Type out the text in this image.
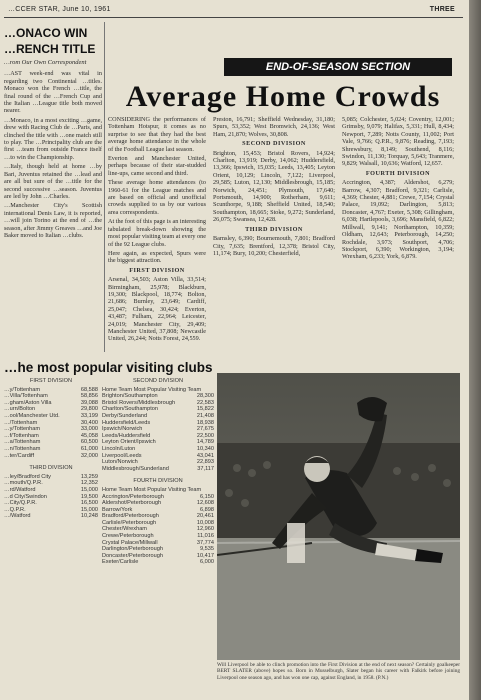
…CCER STAR, June 10, 1961	THREE
…ONACO WIN
…RENCH TITLE
…rom Our Own Correspondent

…AST week-end was vital in regarding two Continental …titles. Monaco won the French …title, the final round of the …French Cup and the Italian …League title both moved nearer.

…Monaco, in a most exciting …game, drew with Racing Club de …Paris, and clinched the title with …one match still to play. The …Principality club are the first …team from outside France itself …to win the Championship.

…Italy, though held at home …by Bari, Juventus retained the …lead and are all but sure of the …title for the second successive …season. Juventus are led by John …Charles.

…Manchester City's Scottish international Denis Law, it is reported, …will join Torino at the end of …the season, after Jimmy Greaves …and Joe Baker moved to Italian …clubs.

END-OF-SEASON SECTION
Average Home Crowds

CONSIDERING the performances of Tottenham Hotspur, it comes as no surprise to see that they had the best average home attendance in the whole of the Football League last season.

Everton and Manchester United, perhaps because of their star-studded line-ups, came second and third.

These average home attendances (to 1960-61 for the League matches and are based on official and unofficial crowds supplied to us by our various area correspondents.

At the foot of this page is an interesting tabulated break-down showing the most popular visiting team at every one of the 92 League clubs.

Here again, as expected, Spurs were the biggest attraction.

FIRST DIVISION

Arsenal, 34,503; Aston Villa, 33,514; Birmingham, 25,978; Blackburn, 19,300; Blackpool, 18,774; Bolton, 21,686; Burnley, 23,649; Cardiff, 25,047; Chelsea, 30,424; Everton, 43,487; Fulham, 22,964; Leicester, 24,019; Manchester City, 29,409; Manchester United, 37,808; Newcastle United, 26,244; Notts Forest, 24,559.

Preston, 16,791; Sheffield Wednesday, 31,180; Spurs, 53,352; West Bromwich, 24,136; West Ham, 21,870; Wolves, 30,808.

SECOND DIVISION

Brighton, 15,453; Bristol Rovers, 14,924; Charlton, 13,919; Derby, 14,062; Huddersfield, 13,366; Ipswich, 15,035; Leeds, 13,405; Leyton Orient, 10,129; Lincoln, 7,122; Liverpool, 29,585; Luton, 12,130; Middlesbrough, 15,185; Norwich, 24,451; Plymouth, 17,640; Portsmouth, 14,900; Rotherham, 9,611; Scunthorpe, 9,188; Sheffield United, 18,540; Southampton, 18,665; Stoke, 9,272; Sunderland, 26,075; Swansea, 12,428.

THIRD DIVISION

Barnsley, 6,390; Bournemouth, 7,801; Bradford City, 7,635; Brentford, 12,378; Bristol City, 11,174; Bury, 10,200; Chesterfield,

5,085; Colchester, 5,024; Coventry, 12,001; Grimsby, 9,079; Halifax, 5,331; Hull, 8,434; Newport, 7,289; Notts County, 11,002; Port Vale, 9,766; Q.P.R., 9,876; Reading, 7,193; Shrewsbury, 8,149; Southend, 8,116; Swindon, 11,130; Torquay, 5,643; Tranmere, 9,829; Walsall, 10,636; Watford, 12,657.

FOURTH DIVISION

Accrington, 4,387; Aldershot, 6,279; Barrow, 4,307; Bradford, 9,321; Carlisle, 4,369; Chester, 4,881; Crewe, 7,154; Crystal Palace, 19,092; Darlington, 5,813; Doncaster, 4,767; Exeter, 5,308; Gillingham, 6,038; Hartlepools, 3,696; Mansfield, 6,822; Millwall, 9,141; Northampton, 10,359; Oldham, 12,643; Peterborough, 14,250; Rochdale, 3,973; Southport, 4,706; Stockport, 6,390; Workington, 3,194; Wrexham, 6,233; York, 6,879.

…he most popular visiting clubs
FIRST DIVISION
…y/Tottenham	68,588
…Villa/Tottenham	58,856
…gham/Aston Villa	39,088
…urn/Bolton	29,800
…ool/Manchester Utd.	33,199
…/Tottenham	30,400
…y/Tottenham	33,000
…f/Tottenham	45,058
…a/Tottenham	60,500
…n/Tottenham	61,000
…ter/Cardiff	32,000
THIRD DIVISION
…ley/Bradford City	13,259
…mouth/Q.P.R.	12,352
…rd/Watford	15,000
…d City/Swindon	19,500
…City/Q.P.R.	16,500
…Q.P.R.	15,000
…/Watford	10,248
SECOND DIVISION
Home Team Most Popular Visiting Team
Brighton/Southampton	28,300
Bristol Rovers/Middlesbrough	22,583
Charlton/Southampton	15,822
Derby/Sunderland	21,408
Huddersfield/Leeds	18,938
Ipswich/Norwich	27,675
Leeds/Huddersfield	22,500
Leyton Orient/Ipswich	14,789
Lincoln/Luton	10,340
Liverpool/Leeds	43,041
Luton/Norwich	22,893
Middlesbrough/Sunderland	37,117
FOURTH DIVISION
Home Team Most Popular Visiting Team
Accrington/Peterborough	6,150
Aldershot/Peterborough	12,608
Barrow/York	6,898
Bradford/Peterborough	20,461
Carlisle/Peterborough	10,008
Chester/Wrexham	12,960
Crewe/Peterborough	11,016
Crystal Palace/Millwall	37,774
Darlington/Peterborough	9,535
Doncaster/Peterborough	10,417
Exeter/Carlisle	6,000
Will Liverpool be able to clinch promotion into the First Division at the end of next season? Certainly goalkeeper BERT SLATER (above) hopes so. Born in Musselburgh, Slater began his career with Falkirk before joining Liverpool one season ago, and has won one cap, against England, in 1958. (P.N.)
